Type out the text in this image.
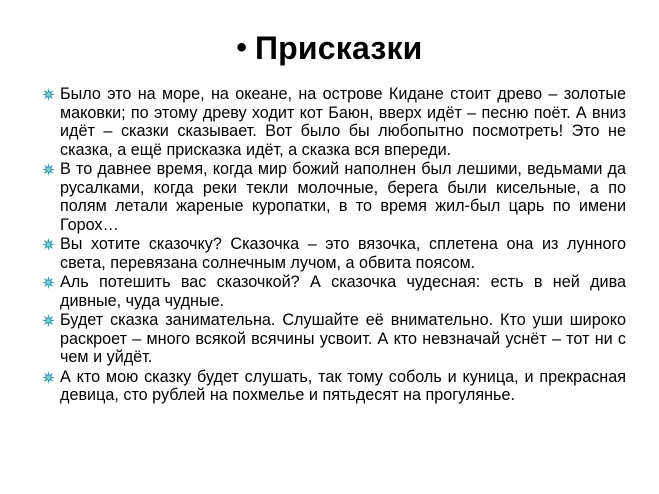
• Присказки
Было это на море, на океане, на острове Кидане стоит древо – золотые маковки; по этому древу ходит кот Баюн, вверх идёт – песню поёт. А вниз идёт – сказки сказывает. Вот было бы любопытно посмотреть! Это не сказка, а ещё присказка идёт, а сказка вся впереди.
В то давнее время, когда мир божий наполнен был лешими, ведьмами да русалками, когда реки текли молочные, берега были кисельные, а по полям летали жареные куропатки, в то время жил-был царь по имени Горох…
Вы хотите сказочку? Сказочка – это вязочка, сплетена она из лунного света, перевязана солнечным лучом, а обвита поясом.
Аль потешить вас сказочкой? А сказочка чудесная: есть в ней дива дивные, чуда чудные.
Будет сказка занимательна. Слушайте её внимательно. Кто уши широко раскроет – много всякой всячины усвоит. А кто невзначай уснёт – тот ни с чем и уйдёт.
А кто мою сказку будет слушать, так тому соболь и куница, и прекрасная девица, сто рублей на похмелье и пятьдесят на прогулянье.
